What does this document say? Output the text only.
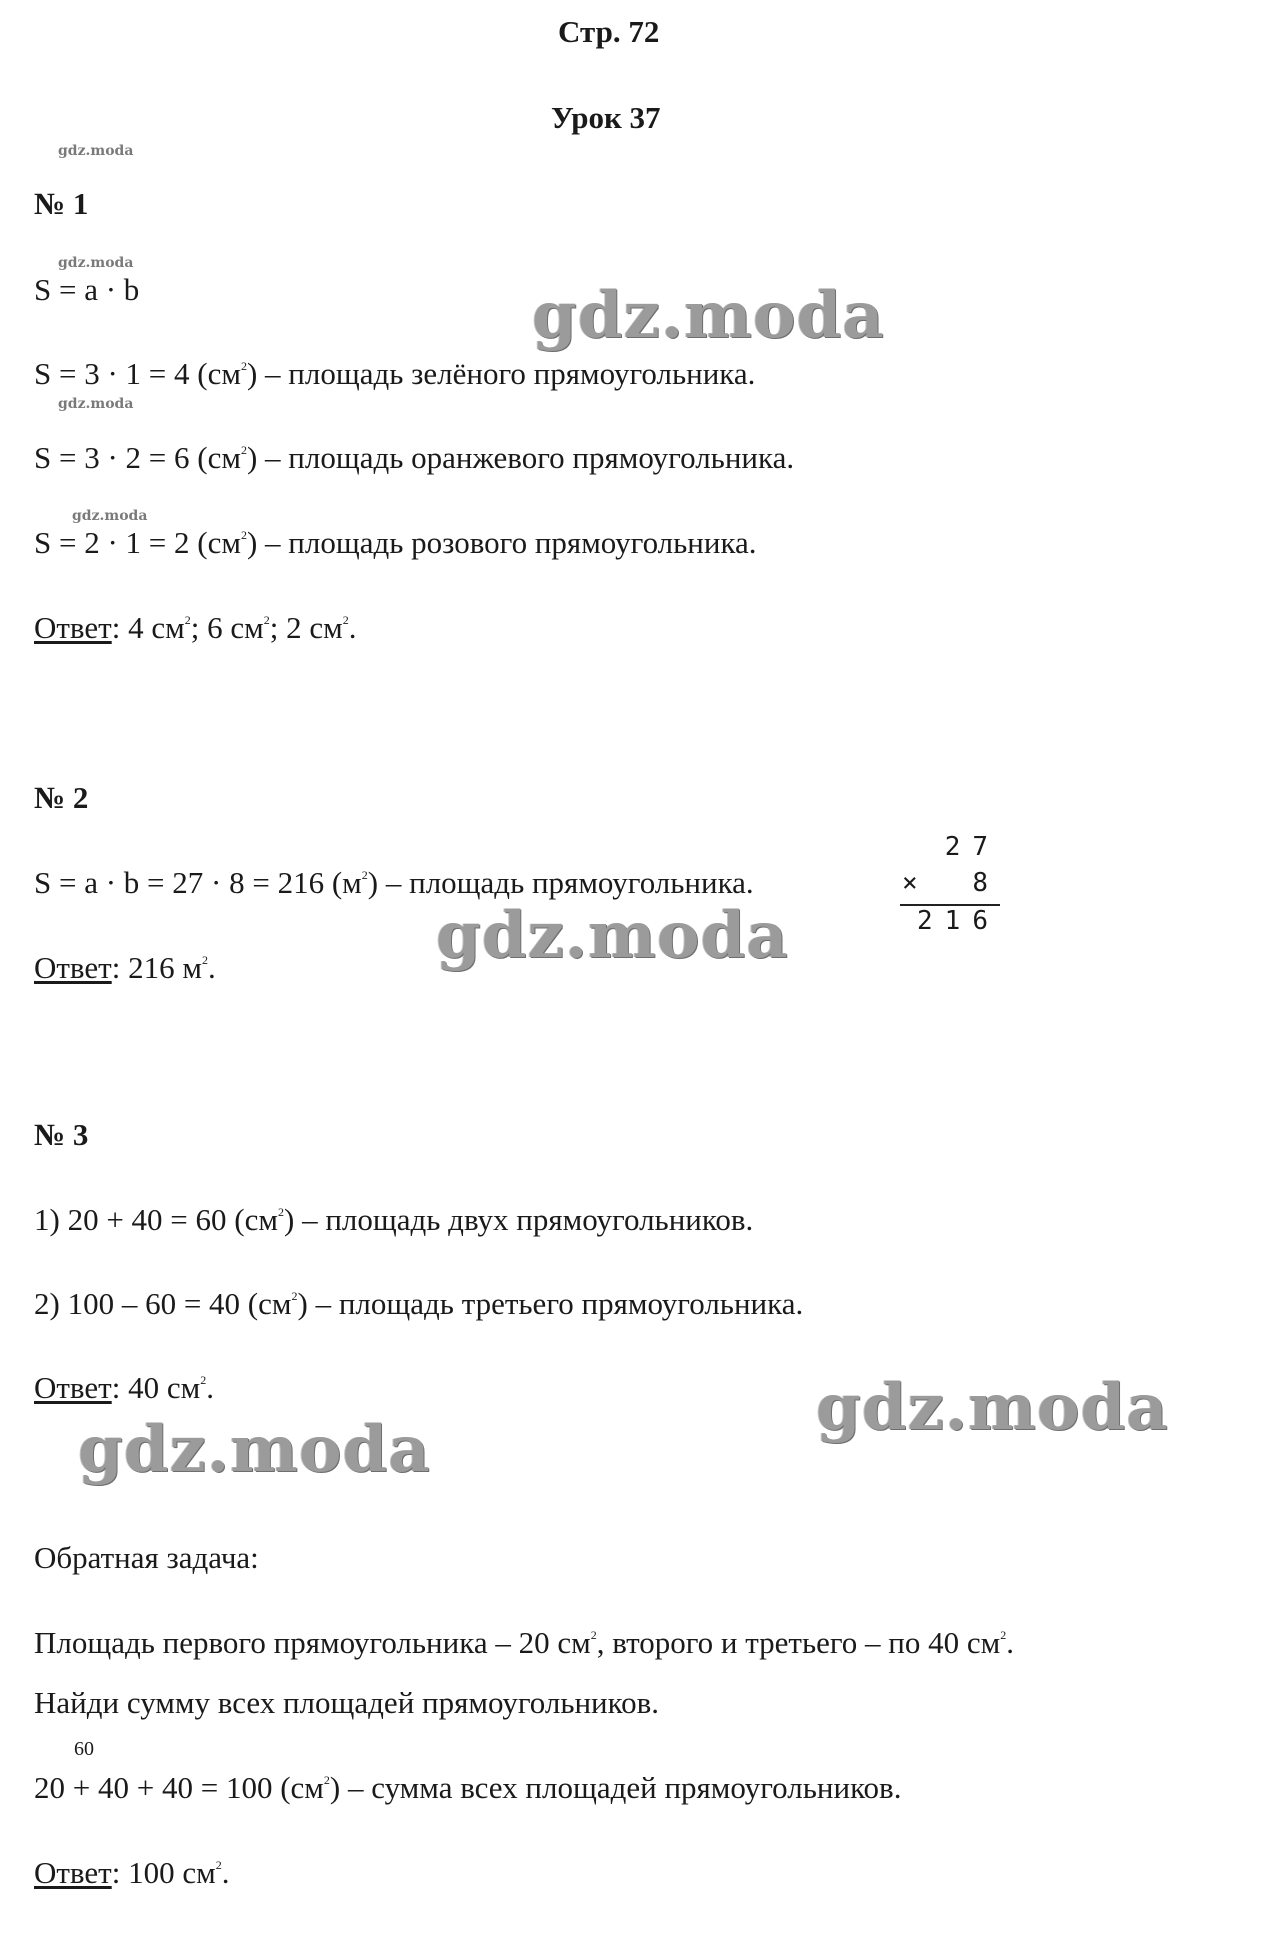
Стр. 72
Урок 37
gdz.moda
gdz.moda
gdz.moda
gdz.moda
gdz.moda
gdz.moda
gdz.moda
gdz.moda
№ 1
S = a · b
S = 3 · 1 = 4 $(см^2)$ – площадь зелёного прямоугольника.
S = 3 · 2 = 6 $(см^2)$ – площадь оранжевого прямоугольника.
S = 2 · 1 = 2 $(см^2)$ – площадь розового прямоугольника.
Ответ: 4 $см^2$; 6 $см^2$; 2 $см^2$.
№ 2
S = a · b = 27 · 8 = 216 $(м^2)$ – площадь прямоугольника.
Ответ: 216 $м^2$.
27
× 8
216
№ 3
1) 20 + 40 = 60 $(см^2)$ – площадь двух прямоугольников.
2) 100 – 60 = 40 $(см^2)$ – площадь третьего прямоугольника.
Ответ: 40 $см^2$.
Обратная задача:
Площадь первого прямоугольника – 20 $см^2$, второго и третьего – по 40 $см^2$.
Найди сумму всех площадей прямоугольников.
60
20 + 40 + 40 = 100 $(см^2)$ – сумма всех площадей прямоугольников.
Ответ: 100 $см^2$.
